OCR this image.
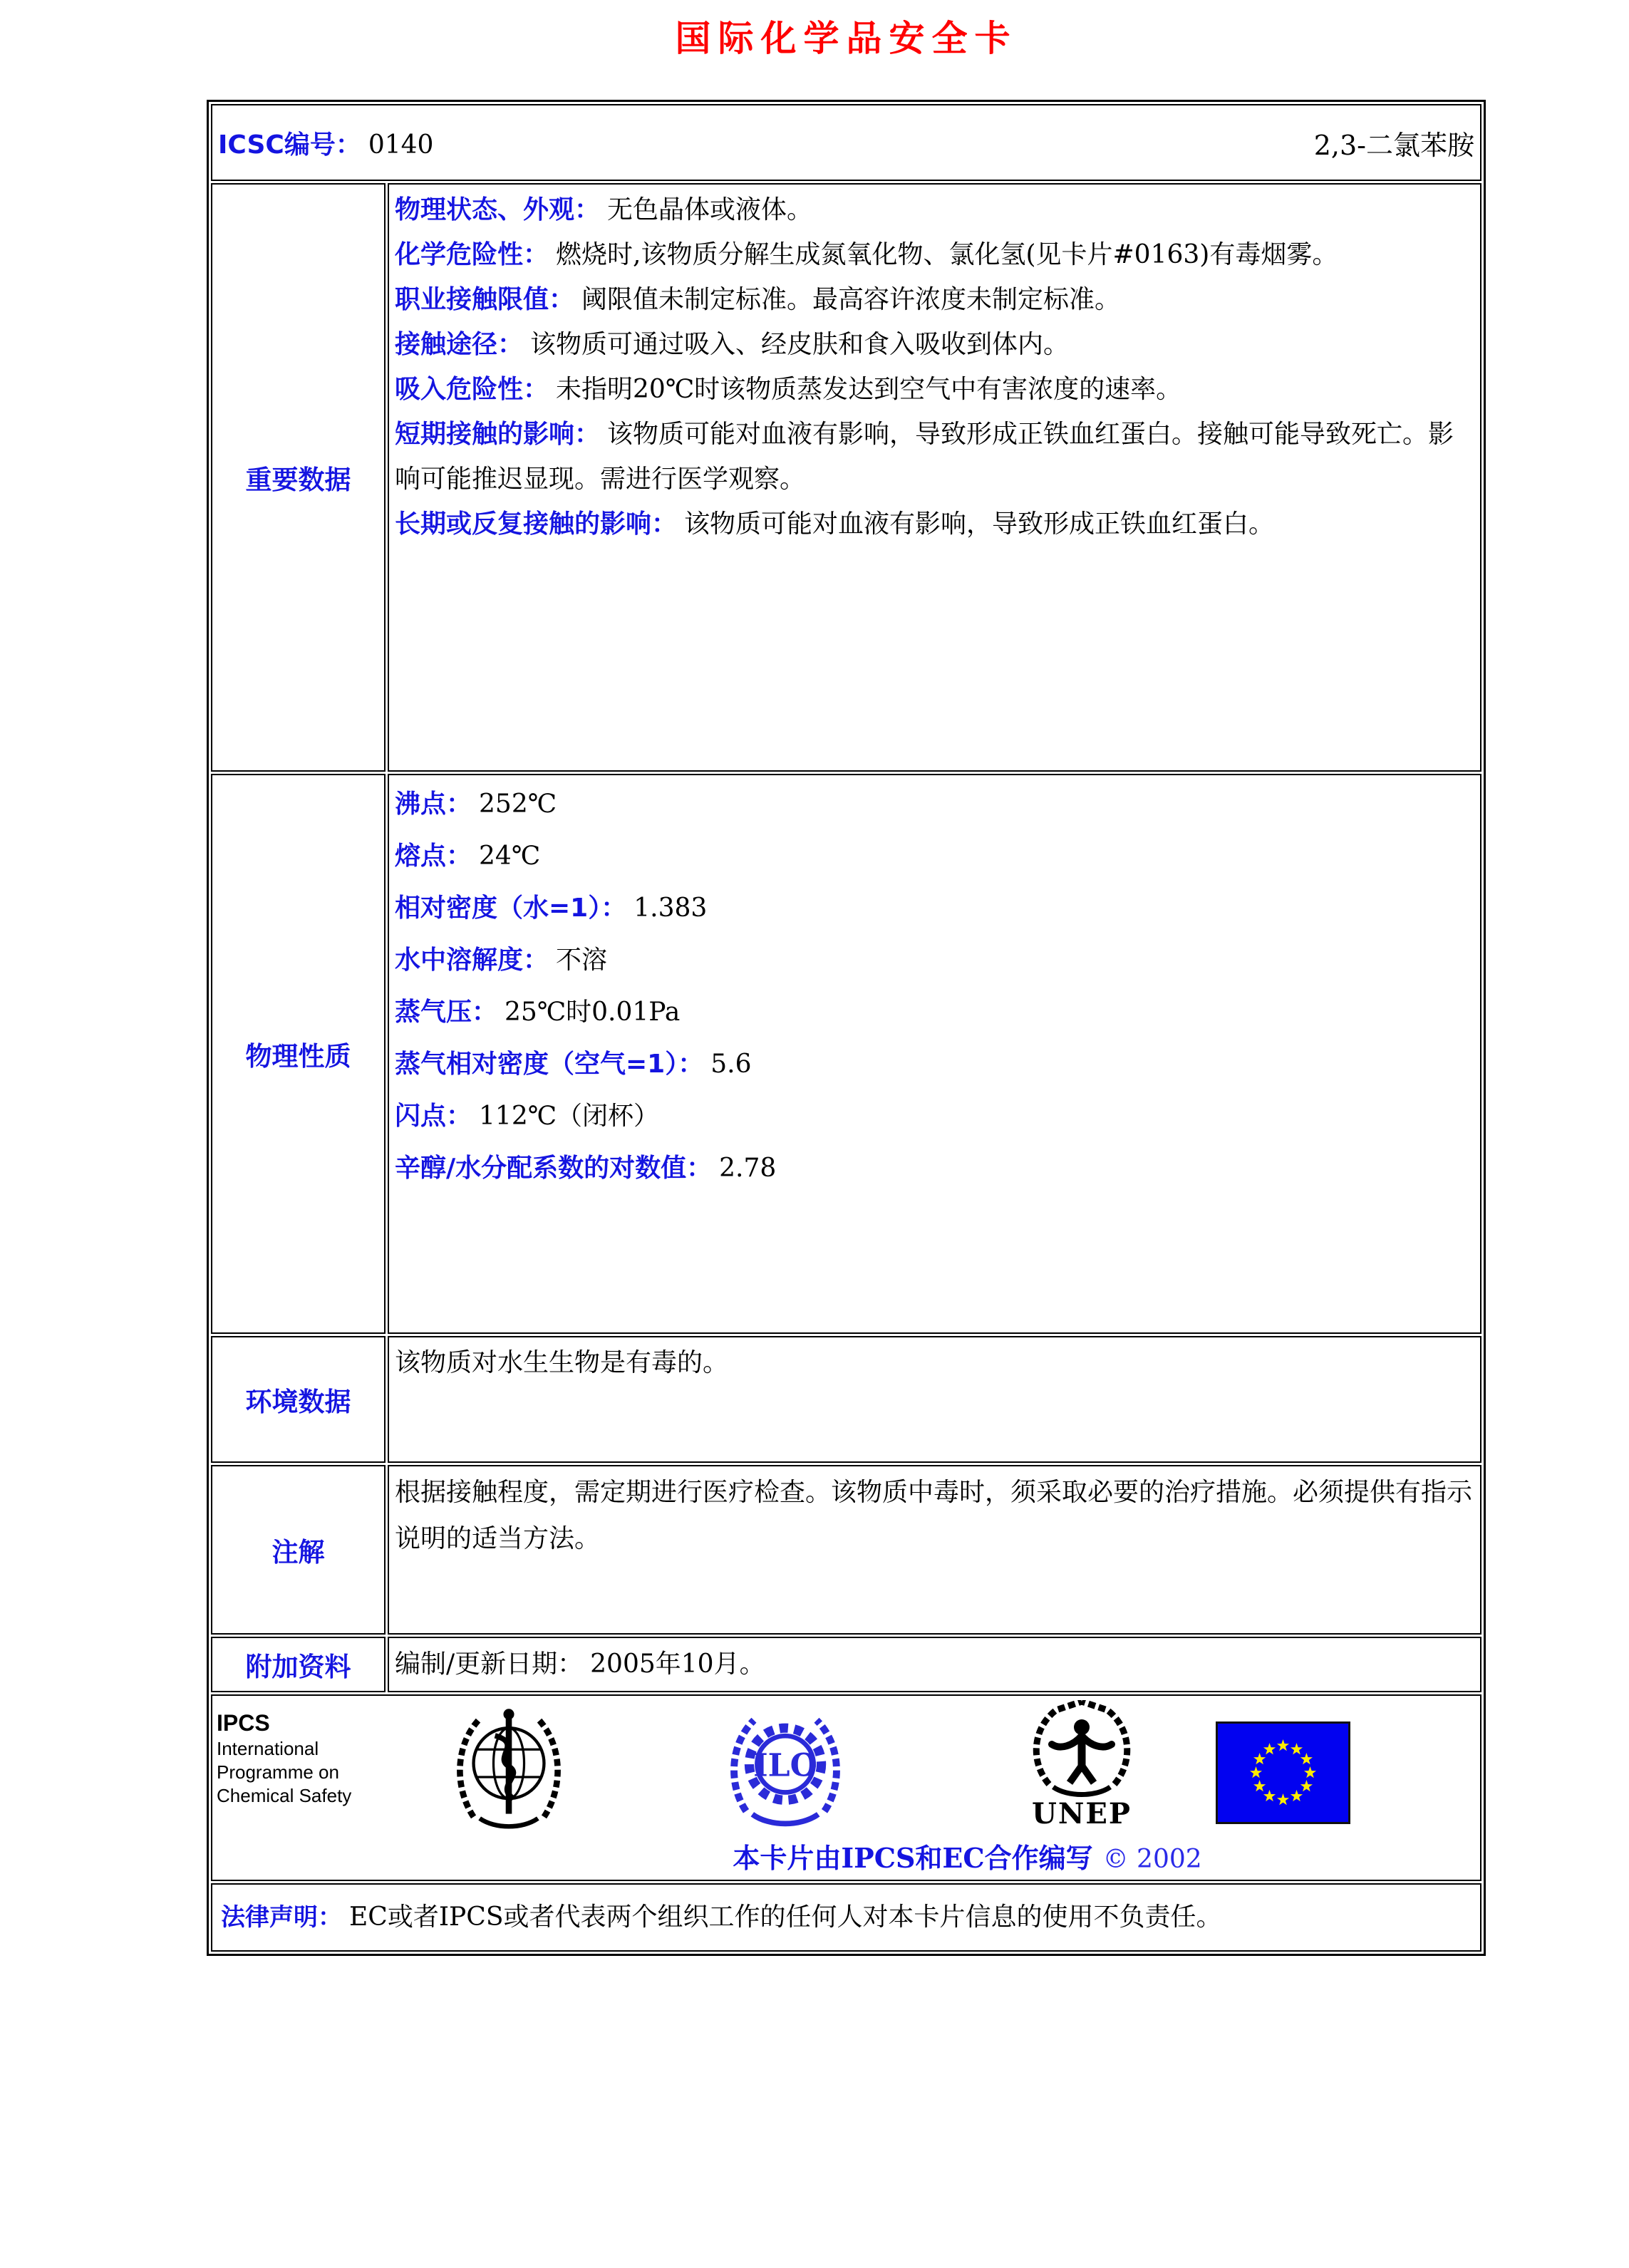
国际化学品安全卡
ICSC编号： 0140 2,3-二氯苯胺	

重要数据	
物理状态、外观： 无色晶体或液体。
化学危险性： 燃烧时,该物质分解生成氮氧化物、氯化氢(见卡片#0163)有毒烟雾。
职业接触限值： 阈限值未制定标准。最高容许浓度未制定标准。
接触途径： 该物质可通过吸入、经皮肤和食入吸收到体内。
吸入危险性： 未指明20℃时该物质蒸发达到空气中有害浓度的速率。
短期接触的影响： 该物质可能对血液有影响，导致形成正铁血红蛋白。接触可能导致死亡。影响可能推迟显现。需进行医学观察。
长期或反复接触的影响： 该物质可能对血液有影响，导致形成正铁血红蛋白。

物理性质	
沸点： 252℃
熔点： 24℃
相对密度（水=1）： 1.383
水中溶解度： 不溶
蒸气压： 25℃时0.01Pa
蒸气相对密度（空气=1）： 5.6
闪点： 112℃（闭杯）
辛醇/水分配系数的对数值： 2.78

环境数据	该物质对水生生物是有毒的。

注解	根据接触程度，需定期进行医疗检查。该物质中毒时，须采取必要的治疗措施。必须提供有指示说明的适当方法。

附加资料	编制/更新日期： 2005年10月。

IPCS
International
Programme on
Chemical Safety
ILO
UNEP
本卡片由IPCS和EC合作编写 © 2002

法律声明： EC或者IPCS或者代表两个组织工作的任何人对本卡片信息的使用不负责任。	
